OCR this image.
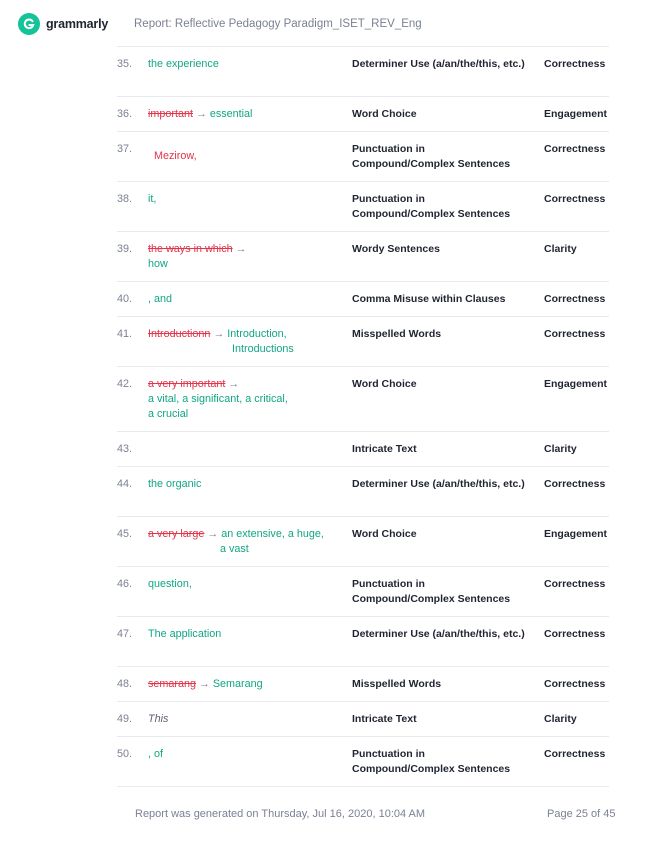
grammarly Report: Reflective Pedagogy Paradigm_ISET_REV_Eng
35. the experience	Determiner Use (a/an/the/this, etc.) Correctness
36. important → essential	Word Choice	Engagement
37.
Mezirow,
Punctuation in Compound/Complex Sentences
Correctness
38. it,	Punctuation in Compound/Complex Sentences
Correctness
39. the ways in which →
how
Wordy Sentences	Clarity
40. , and	Comma Misuse within Clauses	Correctness
41. Introductionn → Introduction,
Introductions
Misspelled Words	Correctness
42. a very important →
a vital, a significant, a critical,
a crucial
Word Choice	Engagement
43.	Intricate Text	Clarity
44. the organic	Determiner Use (a/an/the/this, etc.) Correctness
45. a very large → an extensive, a huge,
a vast
Word Choice	Engagement
46. question,	Punctuation in Compound/Complex Sentences
Correctness
47. The application	Determiner Use (a/an/the/this, etc.) Correctness
48. semarang → Semarang	Misspelled Words	Correctness
49. This	Intricate Text	Clarity
50. , of	Punctuation in Compound/Complex Sentences
Correctness
Report was generated on Thursday, Jul 16, 2020, 10:04 AM	Page 25 of 45
